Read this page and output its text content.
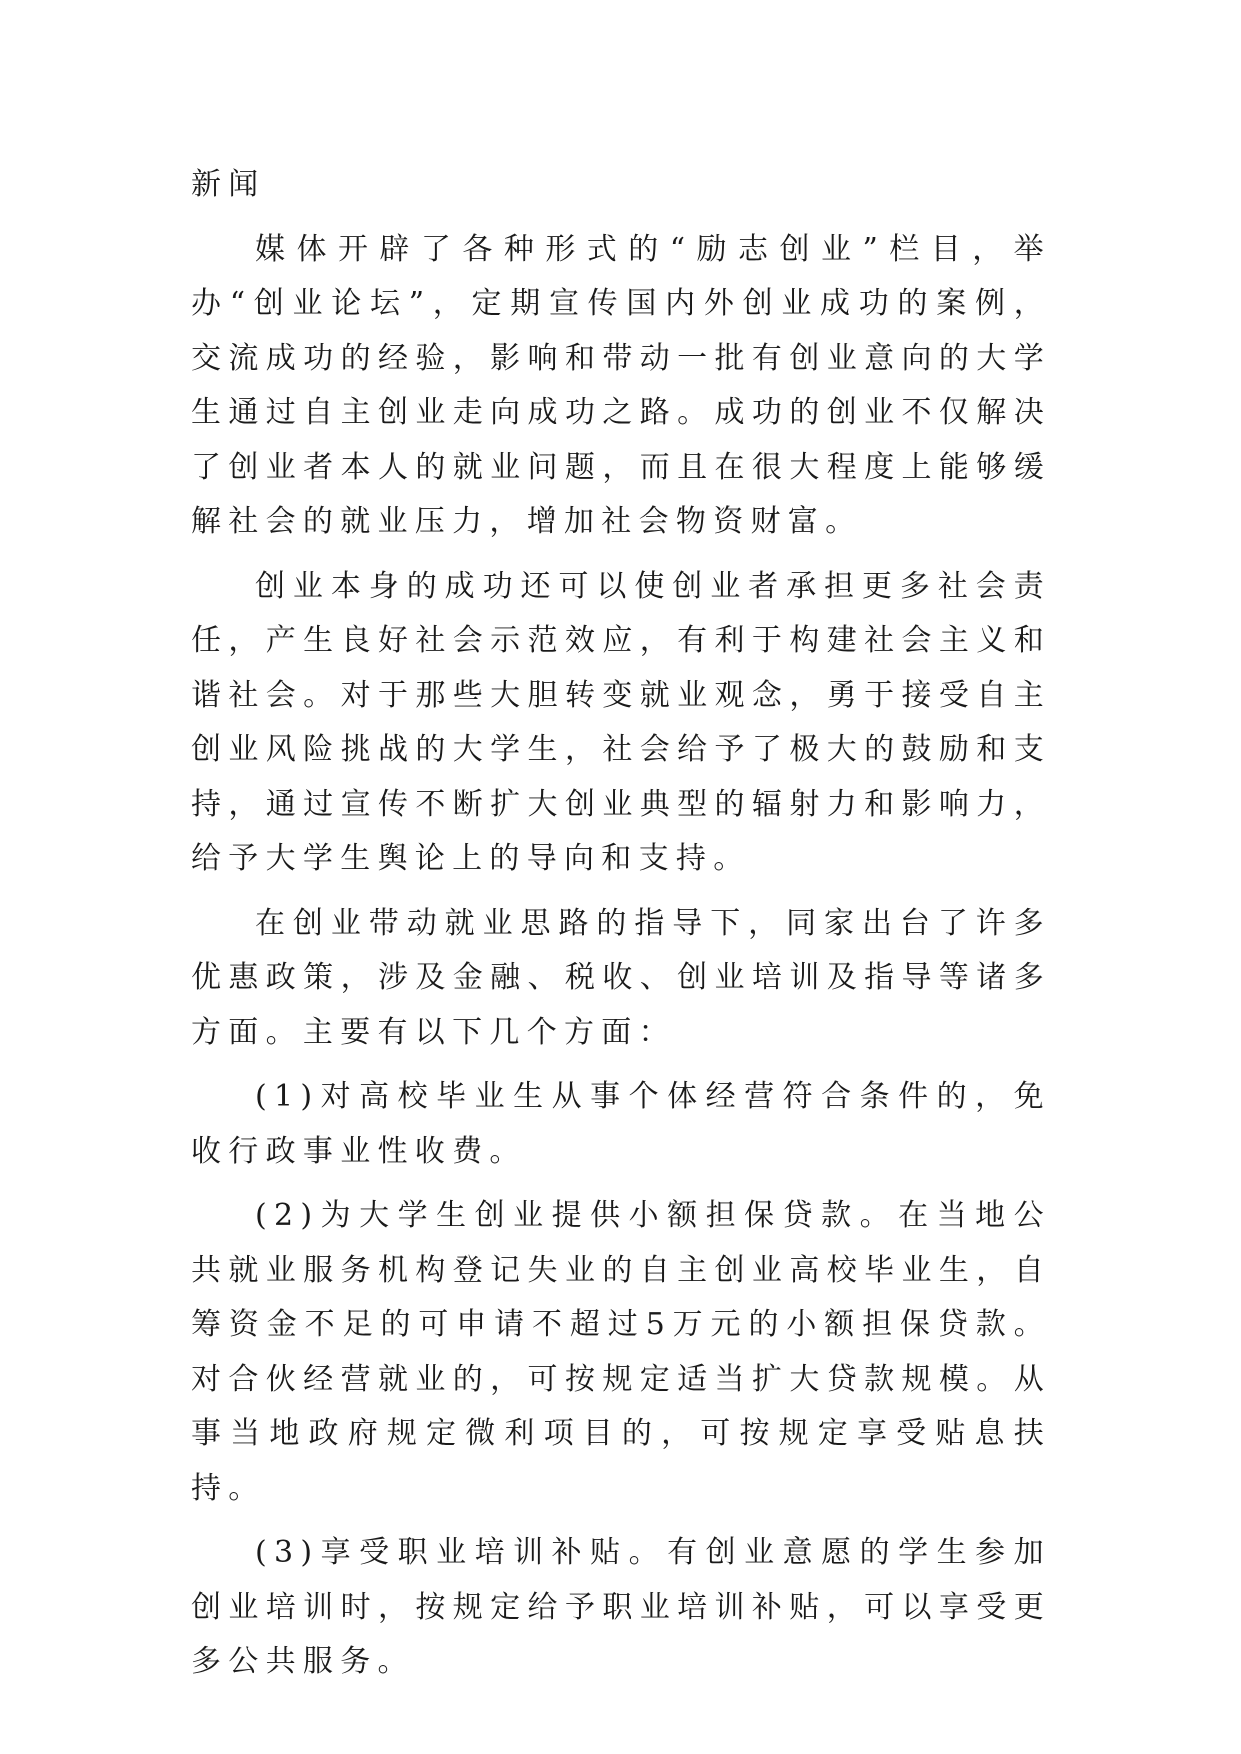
新闻

媒体开辟了各种形式的“励志创业”栏目，举办“创业论坛”，定期宣传国内外创业成功的案例，交流成功的经验，影响和带动一批有创业意向的大学生通过自主创业走向成功之路。成功的创业不仅解决了创业者本人的就业问题，而且在很大程度上能够缓解社会的就业压力，增加社会物资财富。

创业本身的成功还可以使创业者承担更多社会责任，产生良好社会示范效应，有利于构建社会主义和谐社会。对于那些大胆转变就业观念，勇于接受自主创业风险挑战的大学生，社会给予了极大的鼓励和支持，通过宣传不断扩大创业典型的辐射力和影响力，给予大学生舆论上的导向和支持。

在创业带动就业思路的指导下，同家出台了许多优惠政策，涉及金融、税收、创业培训及指导等诸多方面。主要有以下几个方面：

(1)对高校毕业生从事个体经营符合条件的，免收行政事业性收费。

(2)为大学生创业提供小额担保贷款。在当地公共就业服务机构登记失业的自主创业高校毕业生，自筹资金不足的可申请不超过5万元的小额担保贷款。对合伙经营就业的，可按规定适当扩大贷款规模。从事当地政府规定微利项目的，可按规定享受贴息扶持。

(3)享受职业培训补贴。有创业意愿的学生参加创业培训时，按规定给予职业培训补贴，可以享受更多公共服务。
